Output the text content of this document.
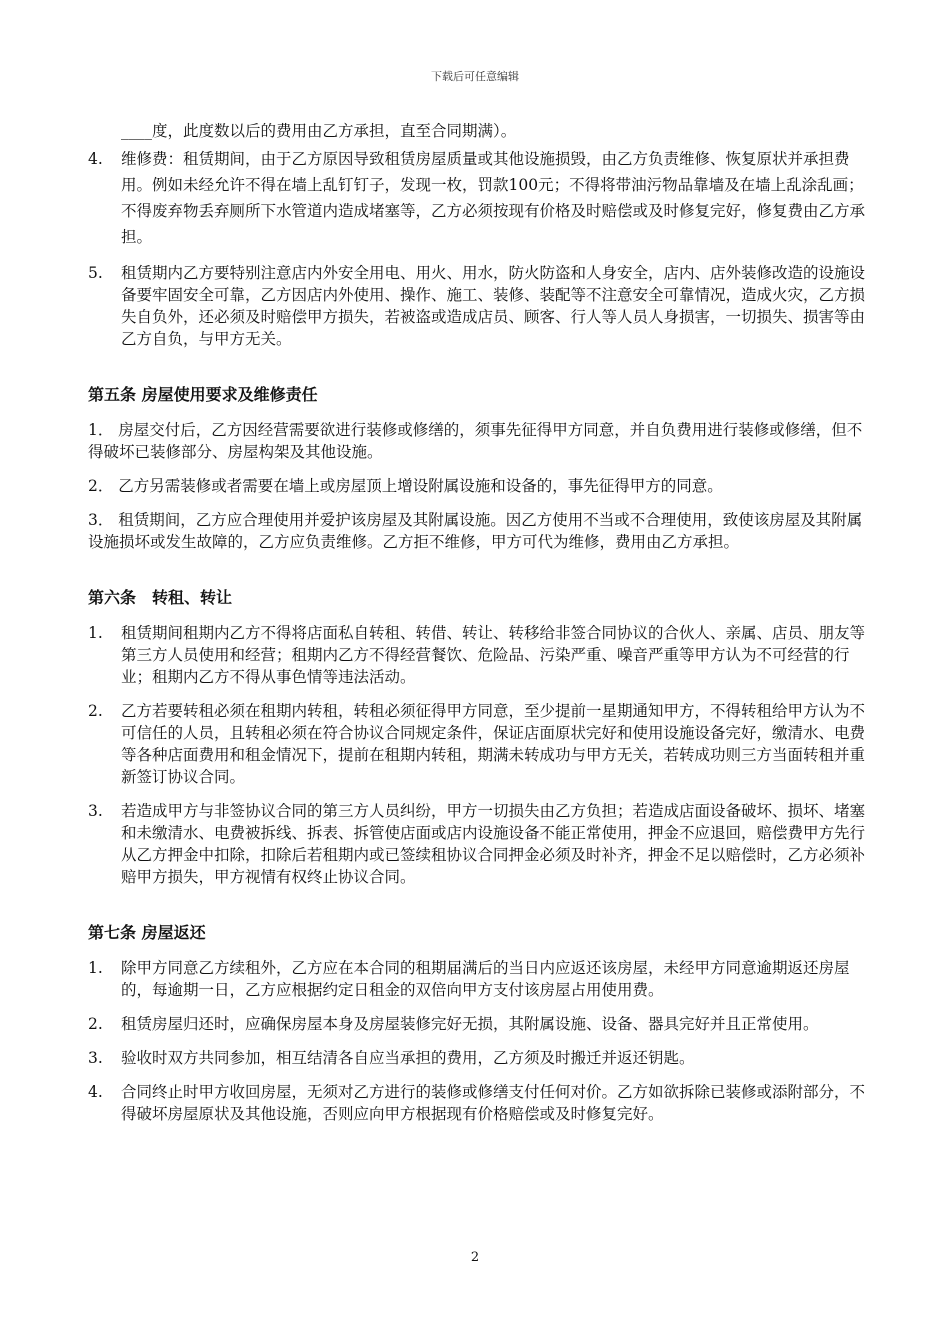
下载后可任意编辑

____度，此度数以后的费用由乙方承担，直至合同期满）。

4. 维修费：租赁期间，由于乙方原因导致租赁房屋质量或其他设施损毁，由乙方负责维修、恢复原状并承担费用。例如未经允许不得在墙上乱钉钉子，发现一枚，罚款100元；不得将带油污物品靠墙及在墙上乱涂乱画；不得废弃物丢弃厕所下水管道内造成堵塞等，乙方必须按现有价格及时赔偿或及时修复完好，修复费由乙方承担。
5. 租赁期内乙方要特别注意店内外安全用电、用火、用水，防火防盗和人身安全，店内、店外装修改造的设施设备要牢固安全可靠，乙方因店内外使用、操作、施工、装修、装配等不注意安全可靠情况，造成火灾，乙方损失自负外，还必须及时赔偿甲方损失，若被盗或造成店员、顾客、行人等人员人身损害，一切损失、损害等由乙方自负，与甲方无关。
第五条 房屋使用要求及维修责任
1． 房屋交付后，乙方因经营需要欲进行装修或修缮的，须事先征得甲方同意，并自负费用进行装修或修缮，但不得破坏已装修部分、房屋构架及其他设施。
2． 乙方另需装修或者需要在墙上或房屋顶上增设附属设施和设备的，事先征得甲方的同意。
3． 租赁期间，乙方应合理使用并爱护该房屋及其附属设施。因乙方使用不当或不合理使用，致使该房屋及其附属设施损坏或发生故障的，乙方应负责维修。乙方拒不维修，甲方可代为维修，费用由乙方承担。
第六条　转租、转让
1. 租赁期间租期内乙方不得将店面私自转租、转借、转让、转移给非签合同协议的合伙人、亲属、店员、朋友等第三方人员使用和经营；租期内乙方不得经营餐饮、危险品、污染严重、噪音严重等甲方认为不可经营的行业；租期内乙方不得从事色情等违法活动。
2. 乙方若要转租必须在租期内转租，转租必须征得甲方同意，至少提前一星期通知甲方，不得转租给甲方认为不可信任的人员，且转租必须在符合协议合同规定条件，保证店面原状完好和使用设施设备完好，缴清水、电费等各种店面费用和租金情况下，提前在租期内转租，期满未转成功与甲方无关，若转成功则三方当面转租并重新签订协议合同。
3. 若造成甲方与非签协议合同的第三方人员纠纷，甲方一切损失由乙方负担；若造成店面设备破坏、损坏、堵塞和未缴清水、电费被拆线、拆表、拆管使店面或店内设施设备不能正常使用，押金不应退回，赔偿费甲方先行从乙方押金中扣除，扣除后若租期内或已签续租协议合同押金必须及时补齐，押金不足以赔偿时，乙方必须补赔甲方损失，甲方视情有权终止协议合同。
第七条 房屋返还
1. 除甲方同意乙方续租外，乙方应在本合同的租期届满后的当日内应返还该房屋，未经甲方同意逾期返还房屋的，每逾期一日，乙方应根据约定日租金的双倍向甲方支付该房屋占用使用费。
2. 租赁房屋归还时，应确保房屋本身及房屋装修完好无损，其附属设施、设备、器具完好并且正常使用。
3. 验收时双方共同参加，相互结清各自应当承担的费用，乙方须及时搬迁并返还钥匙。
4. 合同终止时甲方收回房屋，无须对乙方进行的装修或修缮支付任何对价。乙方如欲拆除已装修或添附部分，不得破坏房屋原状及其他设施，否则应向甲方根据现有价格赔偿或及时修复完好。
2
